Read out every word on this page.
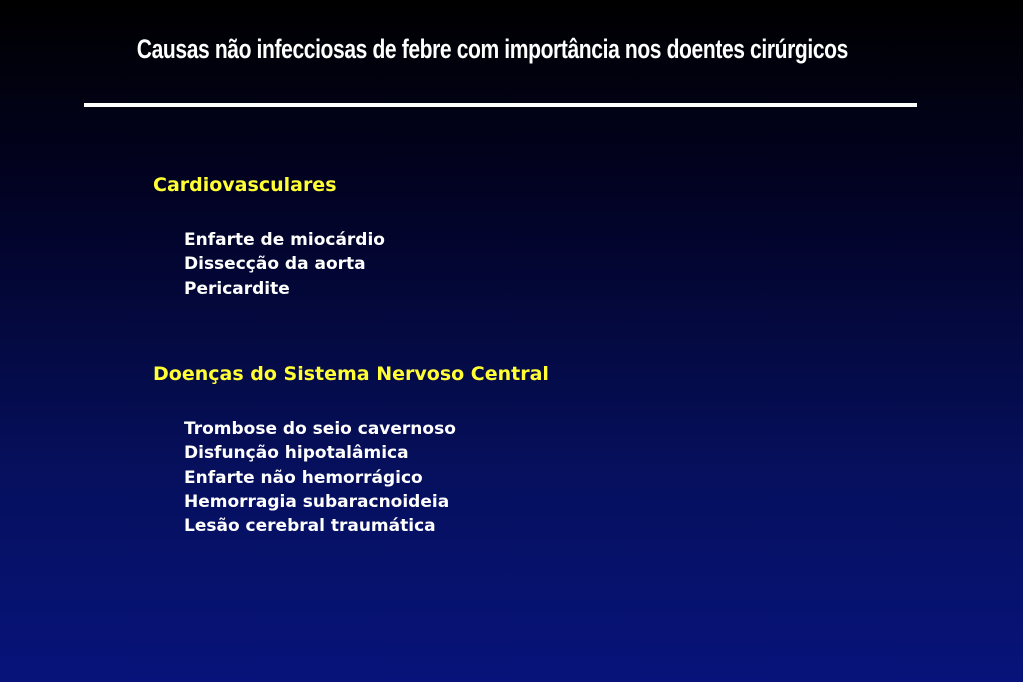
Causas não infecciosas de febre com importância nos doentes cirúrgicos
Cardiovasculares
Enfarte de miocárdio
Dissecção da aorta
Pericardite
Doenças do Sistema Nervoso Central
Trombose do seio cavernoso
Disfunção hipotalâmica
Enfarte não hemorrágico
Hemorragia subaracnoideia
Lesão cerebral traumática
